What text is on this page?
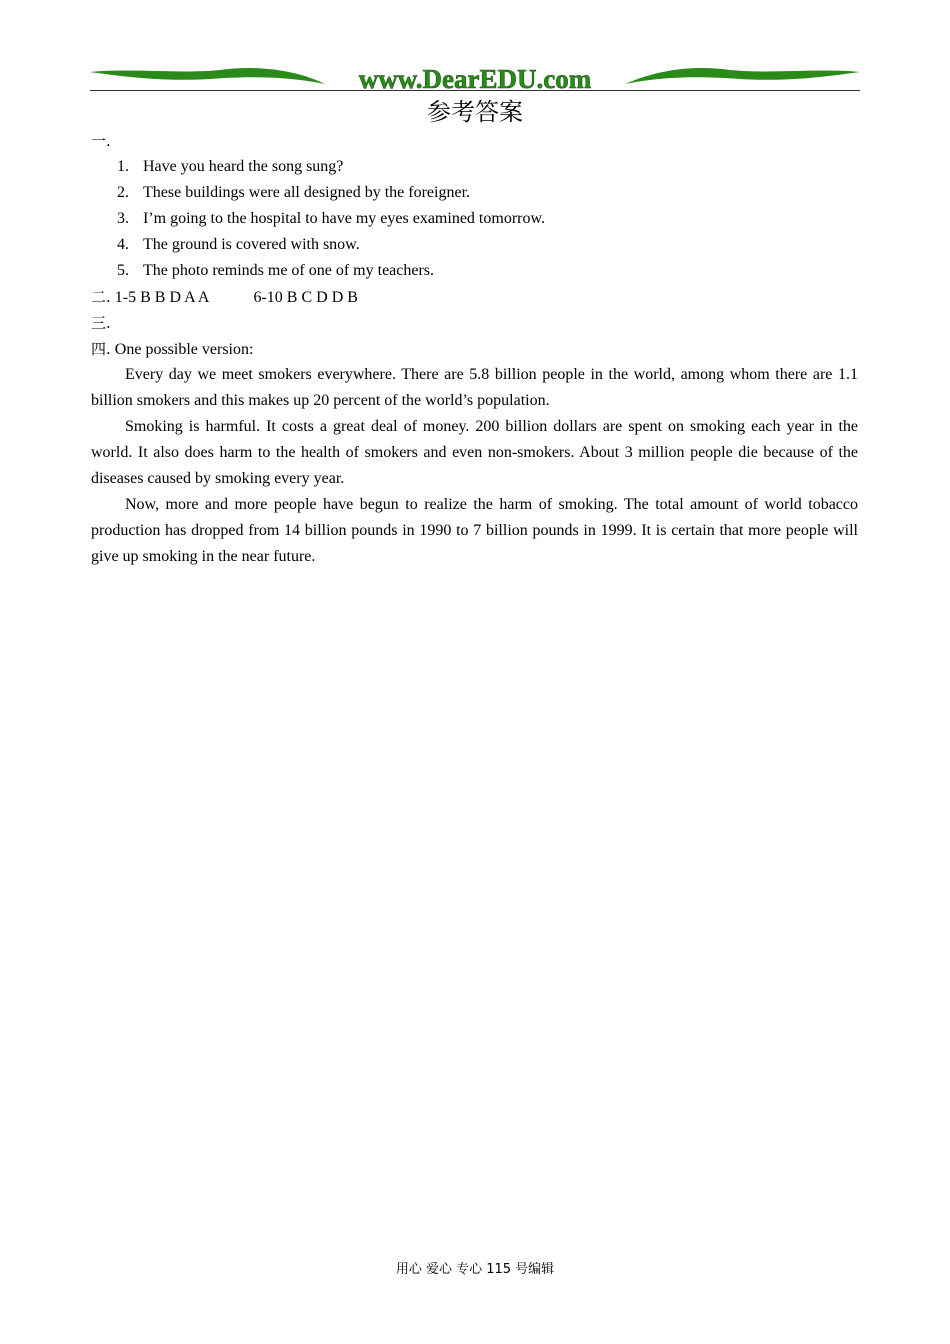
www.DearEDU.com
参考答案
一.
1. Have you heard the song sung?
2. These buildings were all designed by the foreigner.
3. I’m going to the hospital to have my eyes examined tomorrow.
4. The ground is covered with snow.
5. The photo reminds me of one of my teachers.
二. 1-5 B B D A A	6-10 B C D D B
三.
四. One possible version:

Every day we meet smokers everywhere. There are 5.8 billion people in the world, among whom there are 1.1 billion smokers and this makes up 20 percent of the world’s population.

Smoking is harmful. It costs a great deal of money. 200 billion dollars are spent on smoking each year in the world. It also does harm to the health of smokers and even non-smokers. About 3 million people die because of the diseases caused by smoking every year.

Now, more and more people have begun to realize the harm of smoking. The total amount of world tobacco production has dropped from 14 billion pounds in 1990 to 7 billion pounds in 1999. It is certain that more people will give up smoking in the near future.

用心 爱心 专心 115 号编辑
